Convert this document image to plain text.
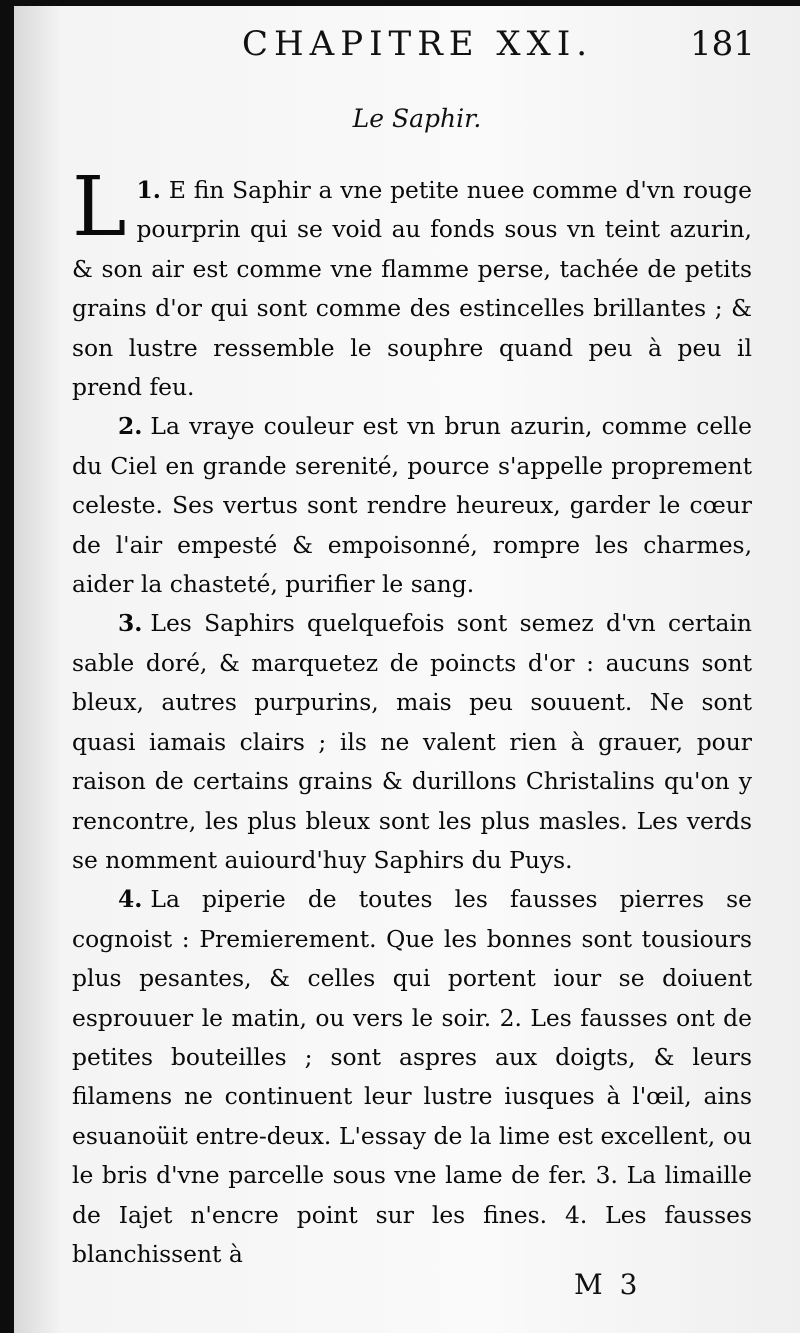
CHAPITRE XXI.	181
Le Saphir.

1.
L E fin Saphir a vne petite nuee comme d'vn rouge pourprin qui se void au fonds sous vn teint azurin, & son air est comme vne flamme perse, tachée de petits grains d'or qui sont comme des estincelles brillantes ; & son lustre ressemble le souphre quand peu à peu il prend feu.

2. La vraye couleur est vn brun azurin, comme celle du Ciel en grande serenité, pource s'appelle proprement celeste. Ses vertus sont rendre heureux, garder le cœur de l'air empesté & empoisonné, rompre les charmes, aider la chasteté, purifier le sang.

3. Les Saphirs quelquefois sont semez d'vn certain sable doré, & marquetez de poincts d'or : aucuns sont bleux, autres purpurins, mais peu souuent. Ne sont quasi iamais clairs ; ils ne valent rien à grauer, pour raison de certains grains & durillons Christalins qu'on y rencontre, les plus bleux sont les plus masles. Les verds se nomment auiourd'huy Saphirs du Puys.

4. La piperie de toutes les fausses pierres se cognoist : Premierement. Que les bonnes sont tousiours plus pesantes, & celles qui portent iour se doiuent esprouuer le matin, ou vers le soir. 2. Les fausses ont de petites bouteilles ; sont aspres aux doigts, & leurs filamens ne continuent leur lustre iusques à l'œil, ains esuanoüit entre-deux. L'essay de la lime est excellent, ou le bris d'vne parcelle sous vne lame de fer. 3. La limaille de Iajet n'encre point sur les fines. 4. Les fausses blanchissent à

M 3
